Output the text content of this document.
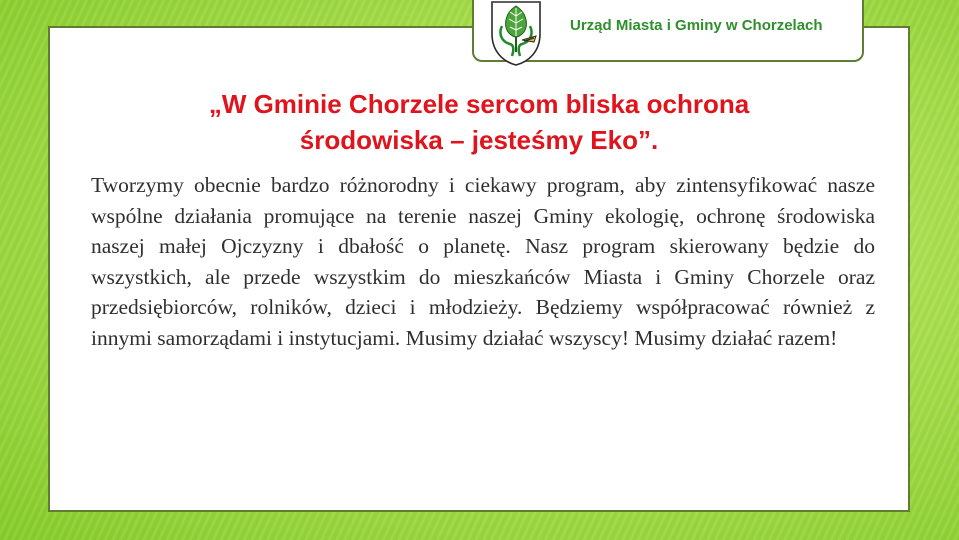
Urząd Miasta i Gminy w Chorzelach
„W Gminie Chorzele sercom bliska ochrona
środowiska – jesteśmy Eko”.

Tworzymy obecnie bardzo różnorodny i ciekawy program, aby zintensyfikować nasze wspólne działania promujące na terenie naszej Gminy ekologię, ochronę środowiska naszej małej Ojczyzny i dbałość o planetę. Nasz program skierowany będzie do wszystkich, ale przede wszystkim do mieszkańców Miasta i Gminy Chorzele oraz przedsiębiorców, rolników, dzieci i młodzieży. Będziemy współpracować również z innymi samorządami i instytucjami. Musimy działać wszyscy! Musimy działać razem!
